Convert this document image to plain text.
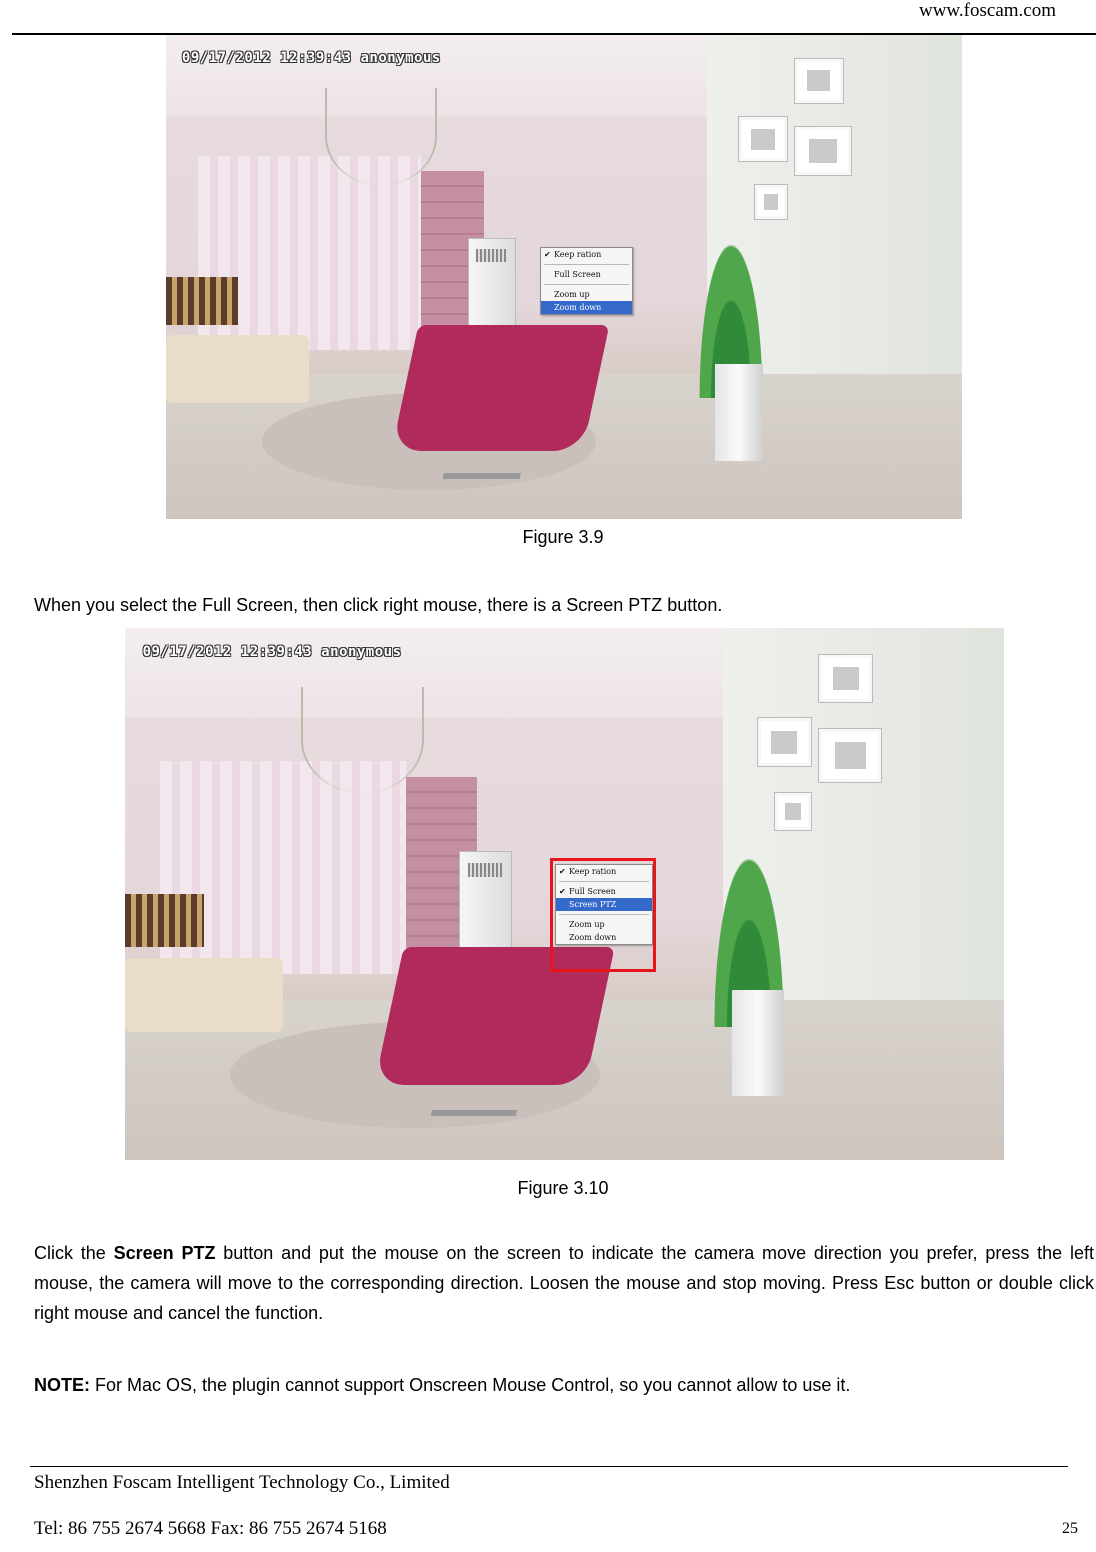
www.foscam.com
09/17/2012 12:39:43 anonymous
✔ Keep ration
Full Screen
Zoom up
Zoom down
Figure 3.9
When you select the Full Screen, then click right mouse, there is a Screen PTZ button.
09/17/2012 12:39:43 anonymous
✔ Keep ration
✔ Full Screen
Screen PTZ
Zoom up
Zoom down
Figure 3.10
Click the Screen PTZ button and put the mouse on the screen to indicate the camera move direction you prefer, press the left mouse, the camera will move to the corresponding direction. Loosen the mouse and stop moving. Press Esc button or double click right mouse and cancel the function.
NOTE: For Mac OS, the plugin cannot support Onscreen Mouse Control, so you cannot allow to use it.
Shenzhen Foscam Intelligent Technology Co., Limited
Tel: 86 755 2674 5668 Fax: 86 755 2674 5168	25
